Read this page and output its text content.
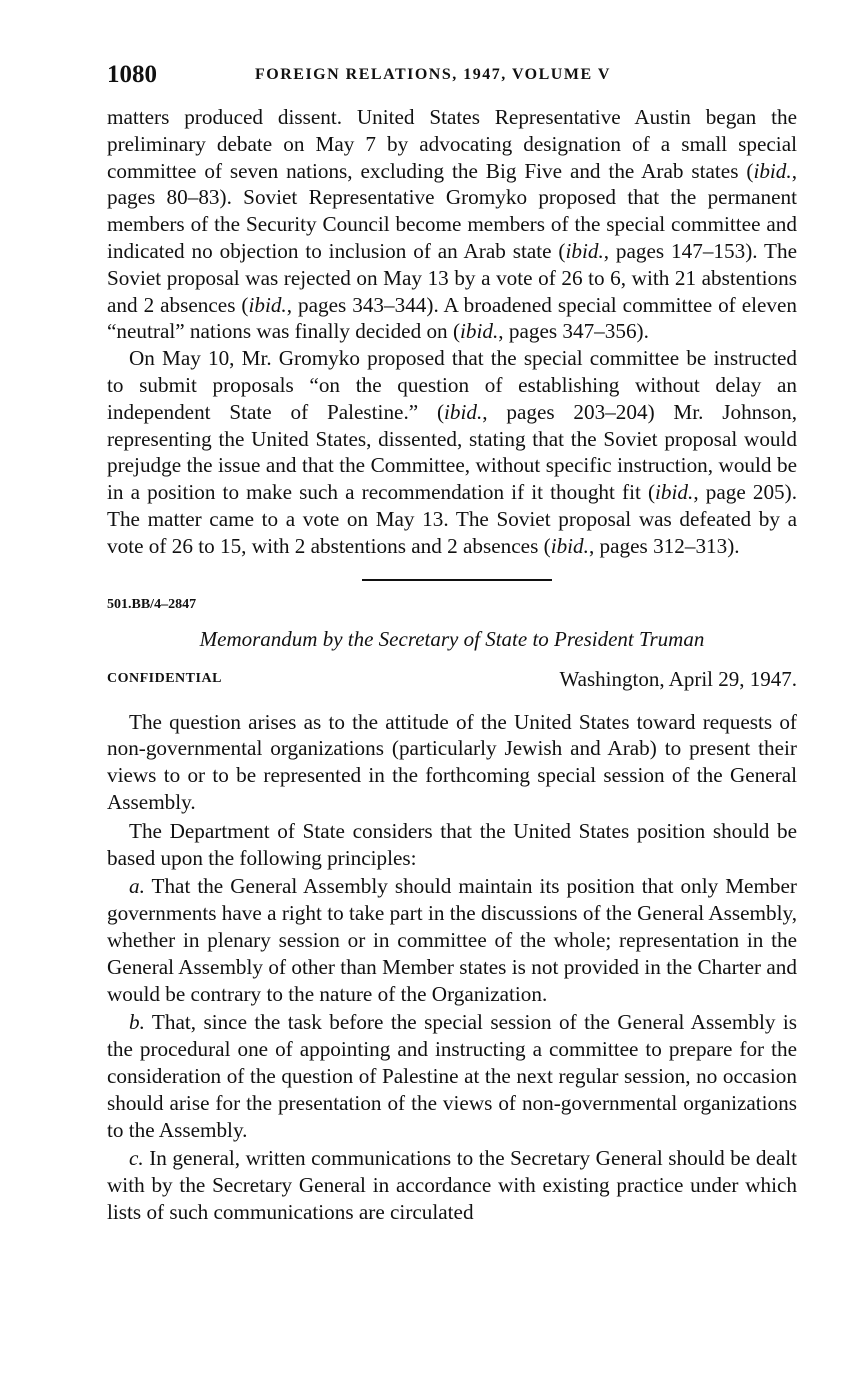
1080	FOREIGN RELATIONS, 1947, VOLUME V

matters produced dissent. United States Representative Austin began the preliminary debate on May 7 by advocating designation of a small special committee of seven nations, excluding the Big Five and the Arab states (ibid., pages 80–83). Soviet Representative Gromyko proposed that the permanent members of the Security Council become members of the special committee and indicated no objection to inclusion of an Arab state (ibid., pages 147–153). The Soviet proposal was rejected on May 13 by a vote of 26 to 6, with 21 abstentions and 2 absences (ibid., pages 343–344). A broadened special committee of eleven “neutral” nations was finally decided on (ibid., pages 347–356).

On May 10, Mr. Gromyko proposed that the special committee be instructed to submit proposals “on the question of establishing without delay an independent State of Palestine.” (ibid., pages 203–204) Mr. Johnson, representing the United States, dissented, stating that the Soviet proposal would prejudge the issue and that the Committee, without specific instruction, would be in a position to make such a recommendation if it thought fit (ibid., page 205). The matter came to a vote on May 13. The Soviet proposal was defeated by a vote of 26 to 15, with 2 abstentions and 2 absences (ibid., pages 312–313).

501.BB/4–2847
Memorandum by the Secretary of State to President Truman
CONFIDENTIAL	Washington, April 29, 1947.

The question arises as to the attitude of the United States toward requests of non-governmental organizations (particularly Jewish and Arab) to present their views to or to be represented in the forthcoming special session of the General Assembly.

The Department of State considers that the United States position should be based upon the following principles:

a. That the General Assembly should maintain its position that only Member governments have a right to take part in the discussions of the General Assembly, whether in plenary session or in committee of the whole; representation in the General Assembly of other than Member states is not provided in the Charter and would be contrary to the nature of the Organization.

b. That, since the task before the special session of the General Assembly is the procedural one of appointing and instructing a committee to prepare for the consideration of the question of Palestine at the next regular session, no occasion should arise for the presentation of the views of non-governmental organizations to the Assembly.

c. In general, written communications to the Secretary General should be dealt with by the Secretary General in accordance with existing practice under which lists of such communications are circulated
